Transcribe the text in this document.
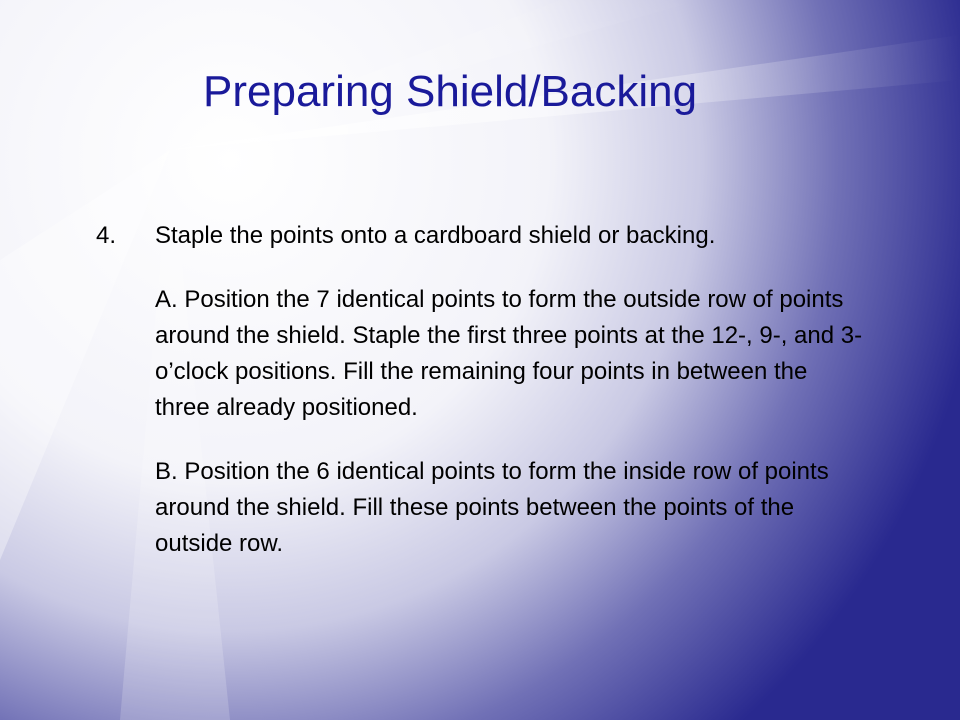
Preparing Shield/Backing
4. Staple the points onto a cardboard shield or backing.

A. Position the 7 identical points to form the outside row of points around the shield. Staple the first three points at the 12-, 9-, and 3-o’clock positions. Fill the remaining four points in between the three already positioned.

B. Position the 6 identical points to form the inside row of points around the shield. Fill these points between the points of the outside row.
